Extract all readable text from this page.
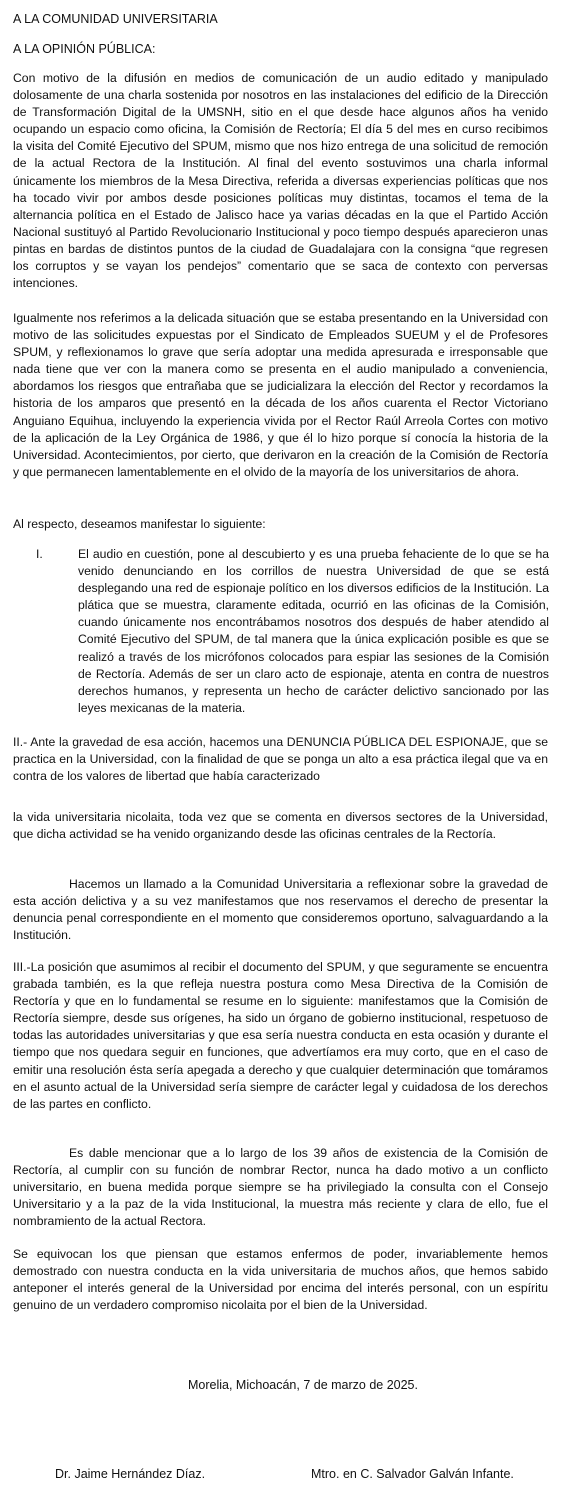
A LA COMUNIDAD UNIVERSITARIA
A LA OPINIÓN PÚBLICA:
Con motivo de la difusión en medios de comunicación de un audio editado y manipulado dolosamente de una charla sostenida por nosotros en las instalaciones del edificio de la Dirección de Transformación Digital de la UMSNH, sitio en el que desde hace algunos años ha venido ocupando un espacio como oficina, la Comisión de Rectoría; El día 5 del mes en curso recibimos la visita del Comité Ejecutivo del SPUM, mismo que nos hizo entrega de una solicitud de remoción de la actual Rectora de la Institución. Al final del evento sostuvimos una charla informal únicamente los miembros de la Mesa Directiva, referida a diversas experiencias políticas que nos ha tocado vivir por ambos desde posiciones políticas muy distintas, tocamos el tema de la alternancia política en el Estado de Jalisco hace ya varias décadas en la que el Partido Acción Nacional sustituyó al Partido Revolucionario Institucional y poco tiempo después aparecieron unas pintas en bardas de distintos puntos de la ciudad de Guadalajara con la consigna “que regresen los corruptos y se vayan los pendejos” comentario que se saca de contexto con perversas intenciones.
Igualmente nos referimos a la delicada situación que se estaba presentando en la Universidad con motivo de las solicitudes expuestas por el Sindicato de Empleados SUEUM y el de Profesores SPUM, y reflexionamos lo grave que sería adoptar una medida apresurada e irresponsable que nada tiene que ver con la manera como se presenta en el audio manipulado a conveniencia, abordamos los riesgos que entrañaba que se judicializara la elección del Rector y recordamos la historia de los amparos que presentó en la década de los años cuarenta el Rector Victoriano Anguiano Equihua, incluyendo la experiencia vivida por el Rector Raúl Arreola Cortes con motivo de la aplicación de la Ley Orgánica de 1986, y que él lo hizo porque sí conocía la historia de la Universidad. Acontecimientos, por cierto, que derivaron en la creación de la Comisión de Rectoría y que permanecen lamentablemente en el olvido de la mayoría de los universitarios de ahora.
Al respecto, deseamos manifestar lo siguiente:
I.	El audio en cuestión, pone al descubierto y es una prueba fehaciente de lo que se ha venido denunciando en los corrillos de nuestra Universidad de que se está desplegando una red de espionaje político en los diversos edificios de la Institución. La plática que se muestra, claramente editada, ocurrió en las oficinas de la Comisión, cuando únicamente nos encontrábamos nosotros dos después de haber atendido al Comité Ejecutivo del SPUM, de tal manera que la única explicación posible es que se realizó a través de los micrófonos colocados para espiar las sesiones de la Comisión de Rectoría. Además de ser un claro acto de espionaje, atenta en contra de nuestros derechos humanos, y representa un hecho de carácter delictivo sancionado por las leyes mexicanas de la materia.
II.- Ante la gravedad de esa acción, hacemos una DENUNCIA PÚBLICA DEL ESPIONAJE, que se practica en la Universidad, con la finalidad de que se ponga un alto a esa práctica ilegal que va en contra de los valores de libertad que había caracterizado
la vida universitaria nicolaita, toda vez que se comenta en diversos sectores de la Universidad, que dicha actividad se ha venido organizando desde las oficinas centrales de la Rectoría.
Hacemos un llamado a la Comunidad Universitaria a reflexionar sobre la gravedad de esta acción delictiva y a su vez manifestamos que nos reservamos el derecho de presentar la denuncia penal correspondiente en el momento que consideremos oportuno, salvaguardando a la Institución.
III.-La posición que asumimos al recibir el documento del SPUM, y que seguramente se encuentra grabada también, es la que refleja nuestra postura como Mesa Directiva de la Comisión de Rectoría y que en lo fundamental se resume en lo siguiente: manifestamos que la Comisión de Rectoría siempre, desde sus orígenes, ha sido un órgano de gobierno institucional, respetuoso de todas las autoridades universitarias y que esa sería nuestra conducta en esta ocasión y durante el tiempo que nos quedara seguir en funciones, que advertíamos era muy corto, que en el caso de emitir una resolución ésta sería apegada a derecho y que cualquier determinación que tomáramos en el asunto actual de la Universidad sería siempre de carácter legal y cuidadosa de los derechos de las partes en conflicto.
Es dable mencionar que a lo largo de los 39 años de existencia de la Comisión de Rectoría, al cumplir con su función de nombrar Rector, nunca ha dado motivo a un conflicto universitario, en buena medida porque siempre se ha privilegiado la consulta con el Consejo Universitario y a la paz de la vida Institucional, la muestra más reciente y clara de ello, fue el nombramiento de la actual Rectora.
Se equivocan los que piensan que estamos enfermos de poder, invariablemente hemos demostrado con nuestra conducta en la vida universitaria de muchos años, que hemos sabido anteponer el interés general de la Universidad por encima del interés personal, con un espíritu genuino de un verdadero compromiso nicolaita por el bien de la Universidad.
Morelia, Michoacán, 7 de marzo de 2025.
Dr. Jaime Hernández Díaz.	Mtro. en C. Salvador Galván Infante.
